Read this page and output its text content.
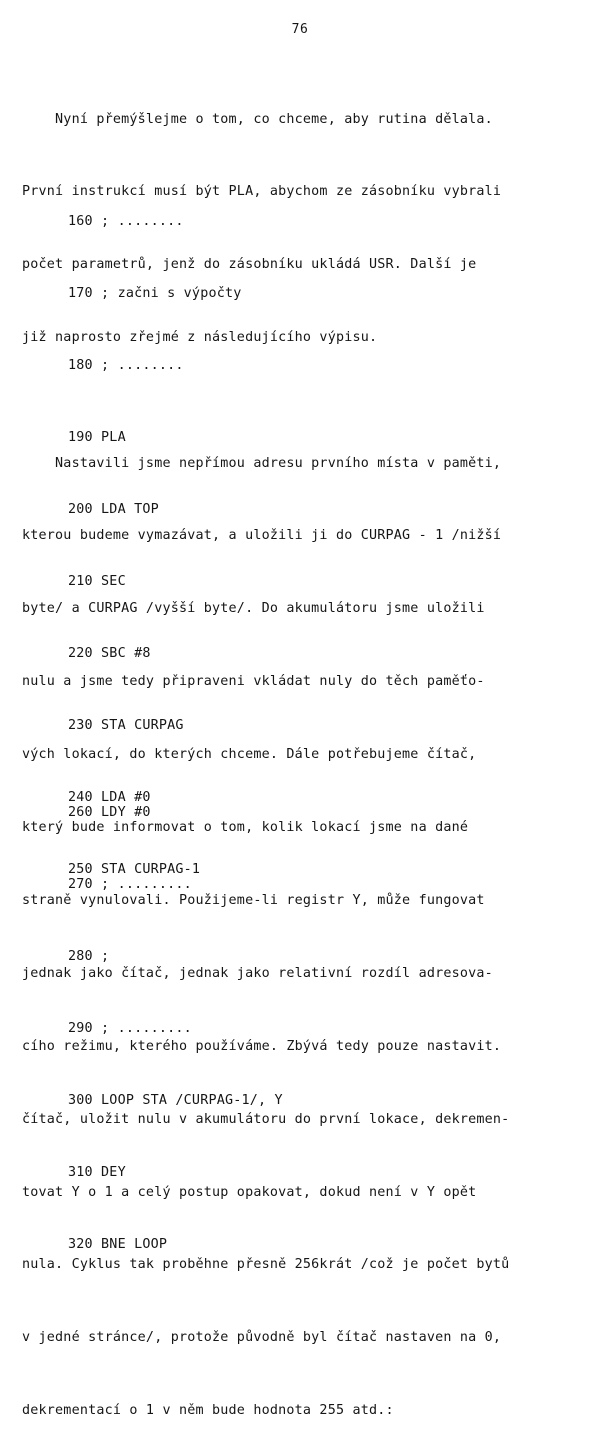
76

Nyní přemýšlejme o tom, co chceme, aby rutina dělala.

První instrukcí musí být PLA, abychom ze zásobníku vybrali

počet parametrů, jenž do zásobníku ukládá USR. Další je

již naprosto zřejmé z následujícího výpisu.

160 ; ........

170 ; začni s výpočty

180 ; ........

190 PLA

200 LDA TOP

210 SEC

220 SBC #8

230 STA CURPAG

240 LDA #0

250 STA CURPAG-1

Nastavili jsme nepřímou adresu prvního místa v paměti,

kterou budeme vymazávat, a uložili ji do CURPAG - 1 /nižší

byte/ a CURPAG /vyšší byte/. Do akumulátoru jsme uložili

nulu a jsme tedy připraveni vkládat nuly do těch paměťo-

vých lokací, do kterých chceme. Dále potřebujeme čítač,

který bude informovat o tom, kolik lokací jsme na dané

straně vynulovali. Použijeme-li registr Y, může fungovat

jednak jako čítač, jednak jako relativní rozdíl adresova-

cího režimu, kterého používáme. Zbývá tedy pouze nastavit.

čítač, uložit nulu v akumulátoru do první lokace, dekremen-

tovat Y o 1 a celý postup opakovat, dokud není v Y opět

nula. Cyklus tak proběhne přesně 256krát /což je počet bytů

v jedné stránce/, protože původně byl čítač nastaven na 0,

dekrementací o 1 v něm bude hodnota 255 atd.:

260 LDY #0

270 ; .........

280 ;

290 ; .........

300 LOOP STA /CURPAG-1/, Y

310 DEY

320 BNE LOOP
